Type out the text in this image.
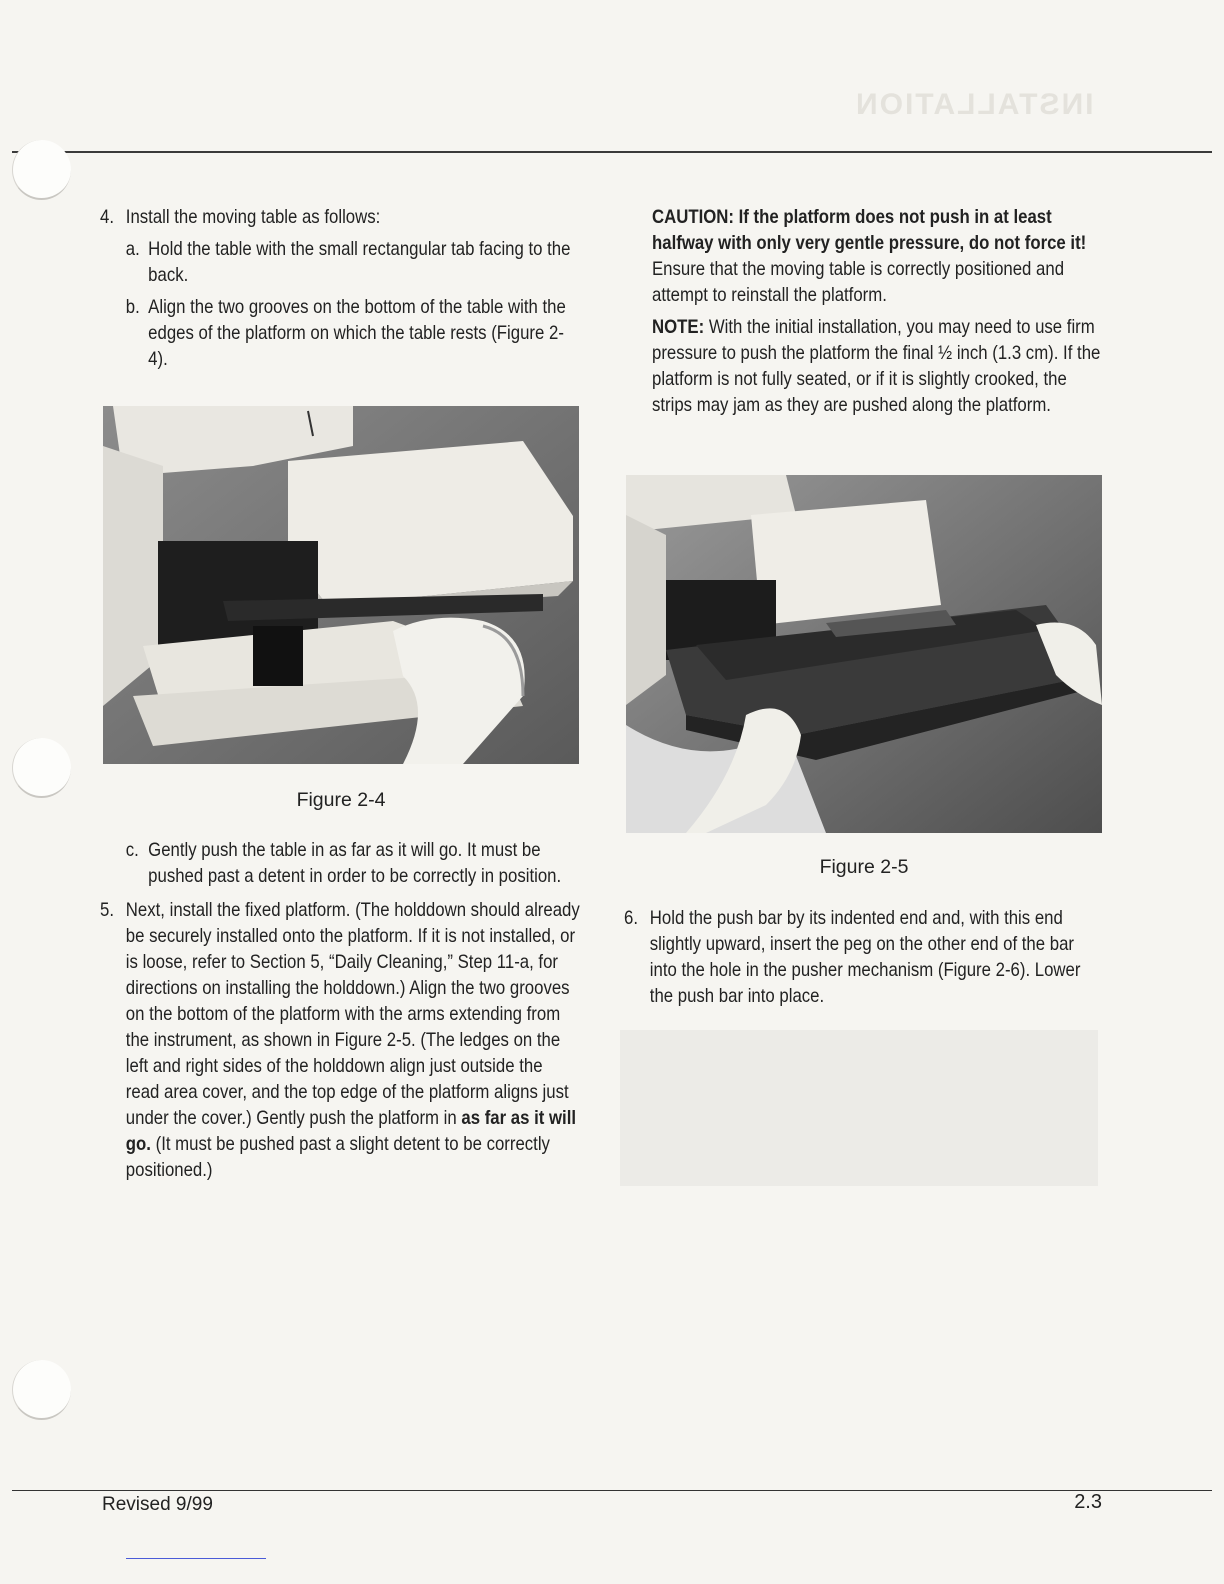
INSTALLATION
4. Install the moving table as follows:

a. Hold the table with the small rectangular tab facing to the back.

b. Align the two grooves on the bottom of the table with the edges of the platform on which the table rests (Figure 2-4).

Figure 2-4
c. Gently push the table in as far as it will go. It must be pushed past a detent in order to be correctly in position.

5. Next, install the fixed platform. (The holddown should already be securely installed onto the platform. If it is not installed, or is loose, refer to Section 5, “Daily Cleaning,” Step 11-a, for directions on installing the holddown.) Align the two grooves on the bottom of the platform with the arms extending from the instrument, as shown in Figure 2-5. (The ledges on the left and right sides of the holddown align just outside the read area cover, and the top edge of the platform aligns just under the cover.) Gently push the platform in as far as it will go. (It must be pushed past a slight detent to be correctly positioned.)

CAUTION: If the platform does not push in at least halfway with only very gentle pressure, do not force it! Ensure that the moving table is correctly positioned and attempt to reinstall the platform.

NOTE: With the initial installation, you may need to use firm pressure to push the platform the final ½ inch (1.3 cm). If the platform is not fully seated, or if it is slightly crooked, the strips may jam as they are pushed along the platform.

Figure 2-5
6. Hold the push bar by its indented end and, with this end slightly upward, insert the peg on the other end of the bar into the hole in the pusher mechanism (Figure 2-6). Lower the push bar into place.

Revised 9/99	2.3
